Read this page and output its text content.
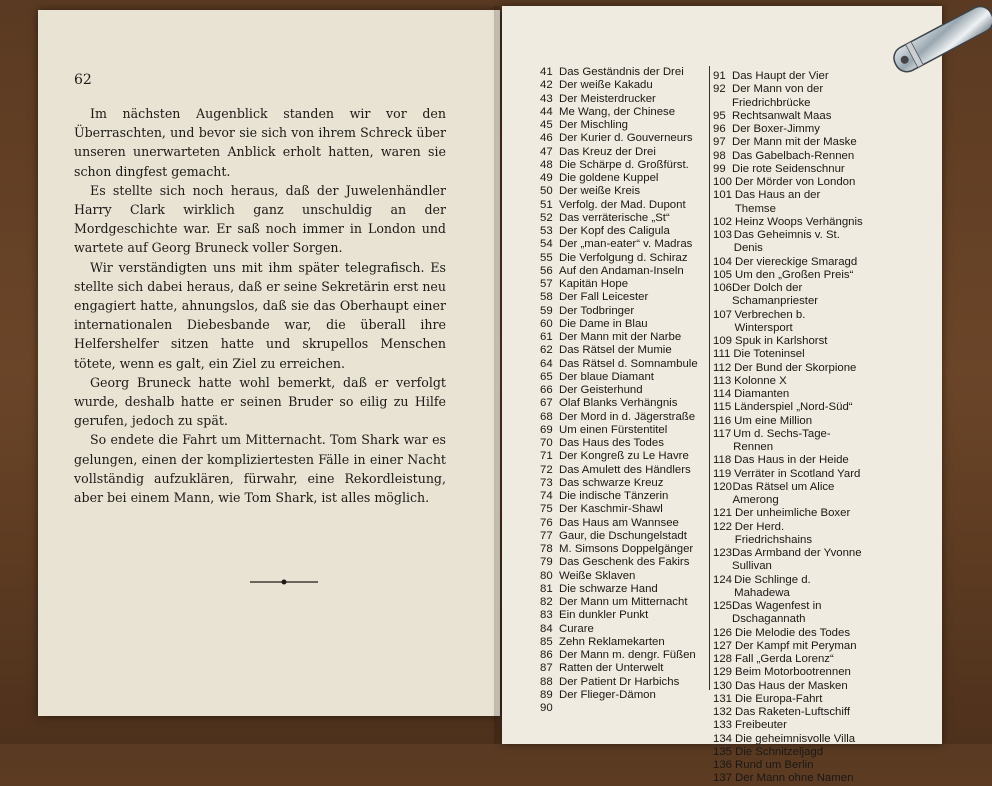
62

Im nächsten Augenblick standen wir vor den Überraschten, und bevor sie sich von ihrem Schreck über unseren unerwarteten Anblick erholt hatten, waren sie schon dingfest gemacht.

Es stellte sich noch heraus, daß der Juwelenhändler Harry Clark wirklich ganz unschuldig an der Mordgeschichte war. Er saß noch immer in London und wartete auf Georg Bruneck voller Sorgen.

Wir verständigten uns mit ihm später telegrafisch. Es stellte sich dabei heraus, daß er seine Sekretärin erst neu engagiert hatte, ahnungslos, daß sie das Oberhaupt einer internationalen Diebesbande war, die überall ihre Helfershelfer sitzen hatte und skrupellos Menschen tötete, wenn es galt, ein Ziel zu erreichen.

Georg Bruneck hatte wohl bemerkt, daß er verfolgt wurde, deshalb hatte er seinen Bruder so eilig zu Hilfe gerufen, jedoch zu spät.

So endete die Fahrt um Mitternacht. Tom Shark war es gelungen, einen der kompliziertesten Fälle in einer Nacht vollständig aufzuklären, fürwahr, eine Rekordleistung, aber bei einem Mann, wie Tom Shark, ist alles möglich.

41 Das Geständnis der Drei
42 Der weiße Kakadu
43 Der Meisterdrucker
44 Me Wang, der Chinese
45 Der Mischling
46 Der Kurier d. Gouverneurs
47 Das Kreuz der Drei
48 Die Schärpe d. Großfürst.
49 Die goldene Kuppel
50 Der weiße Kreis
51 Verfolg. der Mad. Dupont
52 Das verräterische „St“
53 Der Kopf des Caligula
54 Der „man-eater“ v. Madras
55 Die Verfolgung d. Schiraz
56 Auf den Andaman-Inseln
57 Kapitän Hope
58 Der Fall Leicester
59 Der Todbringer
60 Die Dame in Blau
61 Der Mann mit der Narbe
62 Das Rätsel der Mumie
64 Das Rätsel d. Somnambule
65 Der blaue Diamant
66 Der Geisterhund
67 Olaf Blanks Verhängnis
68 Der Mord in d. Jägerstraße
69 Um einen Fürstentitel
70 Das Haus des Todes
71 Der Kongreß zu Le Havre
72 Das Amulett des Händlers
73 Das schwarze Kreuz
74 Die indische Tänzerin
75 Der Kaschmir-Shawl
76 Das Haus am Wannsee
77 Gaur, die Dschungelstadt
78 M. Simsons Doppelgänger
79 Das Geschenk des Fakirs
80 Weiße Sklaven
81 Die schwarze Hand
82 Der Mann um Mitternacht
83 Ein dunkler Punkt
84 Curare
85 Zehn Reklamekarten
86 Der Mann m. dengr. Füßen
87 Ratten der Unterwelt
88 Der Patient Dr Harbichs
89 Der Flieger-Dämon
90
91 Das Haupt der Vier
92 Der Mann von der Friedrichbrücke
95 Rechtsanwalt Maas
96 Der Boxer-Jimmy
97 Der Mann mit der Maske
98 Das Gabelbach-Rennen
99 Die rote Seidenschnur
100 Der Mörder von London
101 Das Haus an der Themse
102 Heinz Woops Verhängnis
103 Das Geheimnis v. St. Denis
104 Der viereckige Smaragd
105 Um den „Großen Preis“
106 Der Dolch der Schamanpriester
107 Verbrechen b. Wintersport
109 Spuk in Karlshorst
111 Die Toteninsel
112 Der Bund der Skorpione
113 Kolonne X
114 Diamanten
115 Länderspiel „Nord-Süd“
116 Um eine Million
117 Um d. Sechs-Tage-Rennen
118 Das Haus in der Heide
119 Verräter in Scotland Yard
120 Das Rätsel um Alice Amerong
121 Der unheimliche Boxer
122 Der Herd. Friedrichshains
123 Das Armband der Yvonne Sullivan
124 Die Schlinge d. Mahadewa
125 Das Wagenfest in Dschagannath
126 Die Melodie des Todes
127 Der Kampf mit Peryman
128 Fall „Gerda Lorenz“
129 Beim Motorbootrennen
130 Das Haus der Masken
131 Die Europa-Fahrt
132 Das Raketen-Luftschiff
133 Freibeuter
134 Die geheimnisvolle Villa
135 Die Schnitzeljagd
136 Rund um Berlin
137 Der Mann ohne Namen
